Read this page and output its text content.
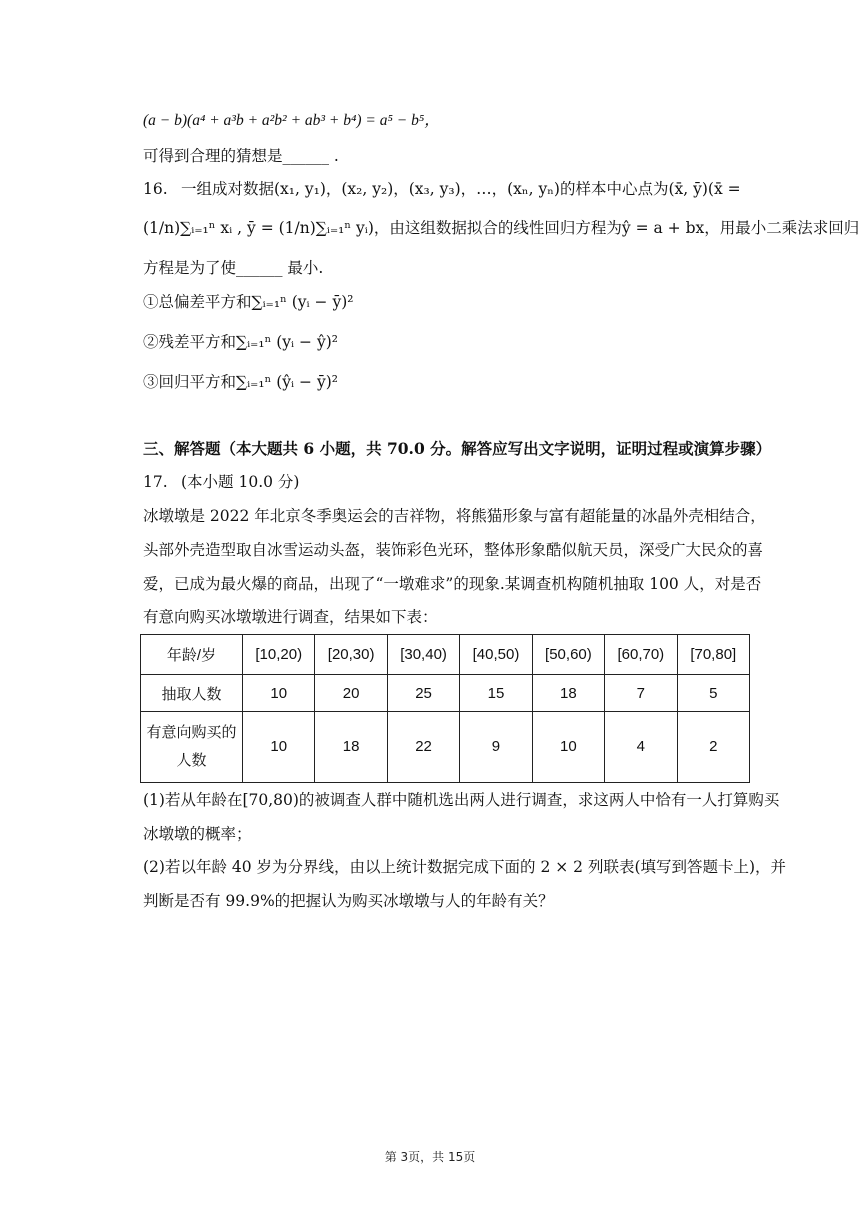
(a − b)(a⁴ + a³b + a²b² + ab³ + b⁴) = a⁵ − b⁵，
可得到合理的猜想是______ .
16. 一组成对数据(x₁, y₁)，(x₂, y₂)，(x₃, y₃)，…，(xₙ, yₙ)的样本中心点为(x̄, ȳ)(x̄ =
(1/n)∑ᵢ₌₁ⁿ xᵢ , ȳ = (1/n)∑ᵢ₌₁ⁿ yᵢ)，由这组数据拟合的线性回归方程为ŷ = a + bx，用最小二乘法求回归
方程是为了使______ 最小.
①总偏差平方和∑ᵢ₌₁ⁿ (yᵢ − ȳ)²
②残差平方和∑ᵢ₌₁ⁿ (yᵢ − ŷ)²
③回归平方和∑ᵢ₌₁ⁿ (ŷᵢ − ȳ)²
三、解答题（本大题共 6 小题，共 70.0 分。解答应写出文字说明，证明过程或演算步骤）
17. (本小题 10.0 分)
冰墩墩是 2022 年北京冬季奥运会的吉祥物，将熊猫形象与富有超能量的冰晶外壳相结合，
头部外壳造型取自冰雪运动头盔，装饰彩色光环，整体形象酷似航天员，深受广大民众的喜
爱，已成为最火爆的商品，出现了“一墩难求”的现象.某调查机构随机抽取 100 人，对是否
有意向购买冰墩墩进行调查，结果如下表：
年龄/岁	[10,20)	[20,30)	[30,40)	[40,50)	[50,60)	[60,70)	[70,80]
抽取人数	10	20	25	15	18	7	5
有意向购买的
人数	10	18	22	9	10	4	2
(1)若从年龄在[70,80)的被调查人群中随机选出两人进行调查，求这两人中恰有一人打算购买
冰墩墩的概率；
(2)若以年龄 40 岁为分界线，由以上统计数据完成下面的 2 × 2 列联表(填写到答题卡上)，并
判断是否有 99.9%的把握认为购买冰墩墩与人的年龄有关？
第 3页，共 15页
